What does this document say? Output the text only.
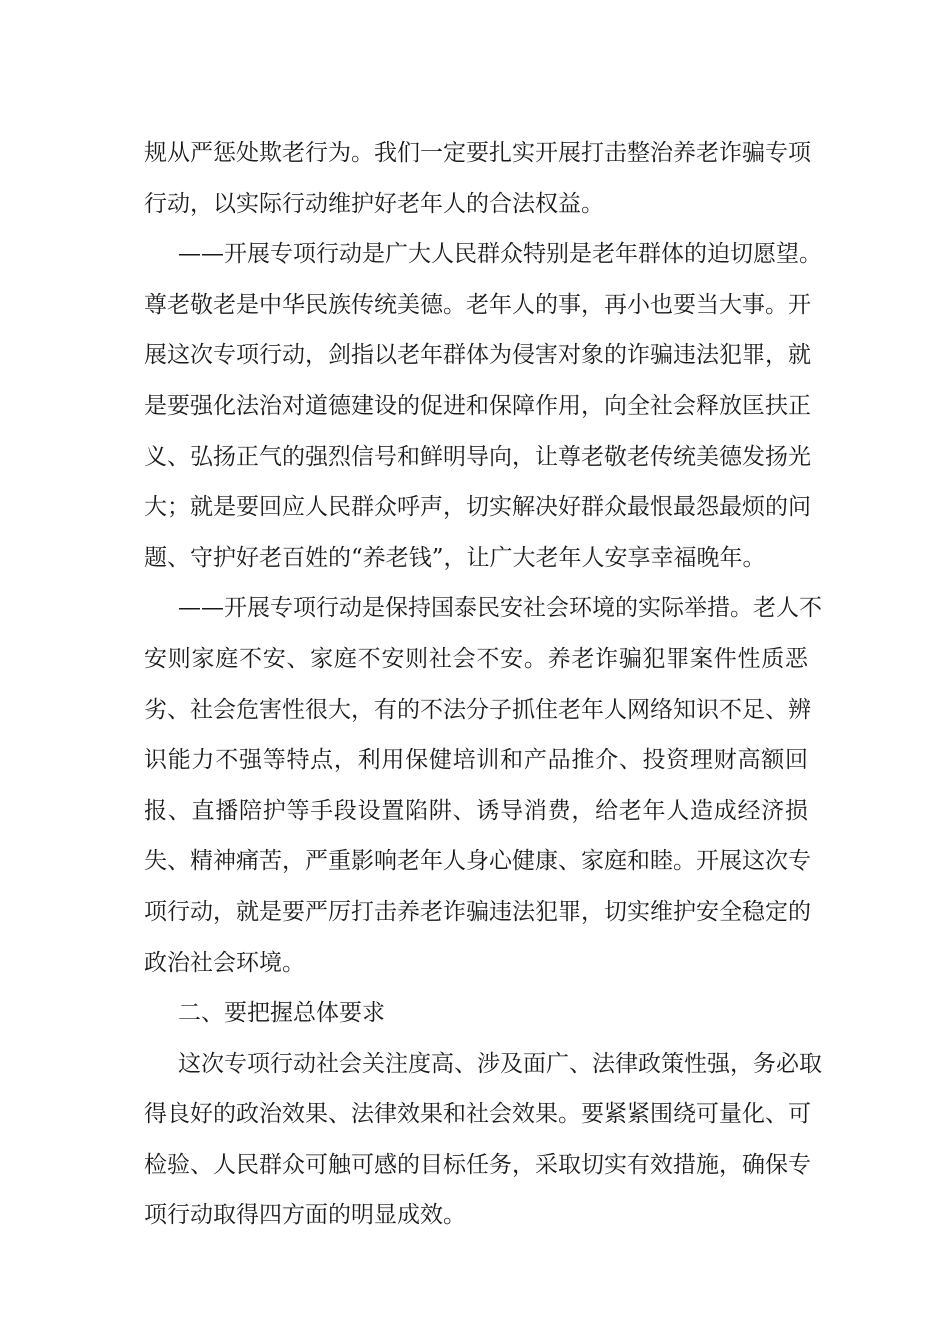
规从严惩处欺老行为。我们一定要扎实开展打击整治养老诈骗专项
行动，以实际行动维护好老年人的合法权益。
——开展专项行动是广大人民群众特别是老年群体的迫切愿望。
尊老敬老是中华民族传统美德。老年人的事，再小也要当大事。开
展这次专项行动，剑指以老年群体为侵害对象的诈骗违法犯罪，就
是要强化法治对道德建设的促进和保障作用，向全社会释放匡扶正
义、弘扬正气的强烈信号和鲜明导向，让尊老敬老传统美德发扬光
大；就是要回应人民群众呼声，切实解决好群众最恨最怨最烦的问
题、守护好老百姓的“养老钱”，让广大老年人安享幸福晚年。
——开展专项行动是保持国泰民安社会环境的实际举措。老人不
安则家庭不安、家庭不安则社会不安。养老诈骗犯罪案件性质恶
劣、社会危害性很大，有的不法分子抓住老年人网络知识不足、辨
识能力不强等特点，利用保健培训和产品推介、投资理财高额回
报、直播陪护等手段设置陷阱、诱导消费，给老年人造成经济损
失、精神痛苦，严重影响老年人身心健康、家庭和睦。开展这次专
项行动，就是要严厉打击养老诈骗违法犯罪，切实维护安全稳定的
政治社会环境。
二、要把握总体要求
这次专项行动社会关注度高、涉及面广、法律政策性强，务必取
得良好的政治效果、法律效果和社会效果。要紧紧围绕可量化、可
检验、人民群众可触可感的目标任务，采取切实有效措施，确保专
项行动取得四方面的明显成效。
